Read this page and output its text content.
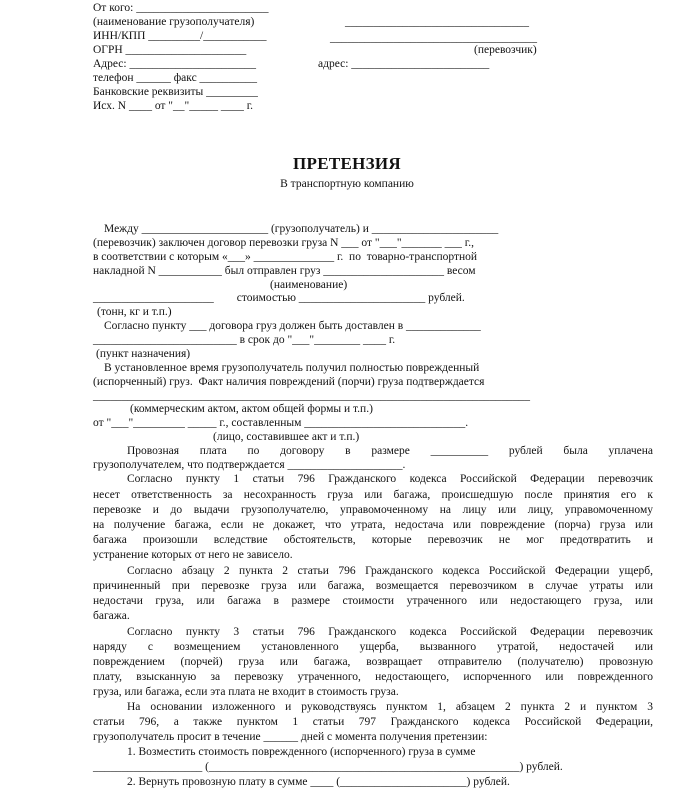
От кого: _______________________

(наименование грузополучателя)

ИНН/КПП _________/___________

ОГРН _____________________

Адрес: ______________________

телефон ______ факс __________

Банковские реквизиты _________

Исх. N ____ от "__"_____ ____ г.

________________________________

____________________________________

(перевозчик)

адрес: ________________________

ПРЕТЕНЗИЯ

В транспортную компанию

Между ______________________ (грузополучатель) и ______________________

(перевозчик) заключен договор перевозки груза N ___ от "___"_______ ___ г.,

в соответствии с которым «___» ______________ г.  по  товарно-транспортной

накладной N ___________ был отправлен груз _____________________ весом

(наименование)

_____________________        стоимостью ______________________ рублей.

(тонн, кг и т.п.)

Согласно пункту ___ договора груз должен быть доставлен в _____________

_________________________ в срок до "___"________ ____ г.

(пункт назначения)

В установленное время грузополучатель получил полностью поврежденный

(испорченный) груз.  Факт наличия повреждений (порчи) груза подтверждается

____________________________________________________________________________

(коммерческим актом, актом общей формы и т.п.)

от "___"_________ _____ г., составленным ____________________________.

(лицо, составившее акт и т.п.)

Провозная плата по договору в размере __________ рублей была уплачена

грузополучателем, что подтверждается ____________________.

Согласно пункту 1 статьи 796 Гражданского кодекса Российской Федерации перевозчик

несет ответственность за несохранность груза или багажа, происшедшую после принятия его к

перевозке и до выдачи грузополучателю, управомоченному на лицу или лицу, управомоченному

на получение багажа, если не докажет, что утрата, недостача или повреждение (порча) груза или

багажа произошли вследствие обстоятельств, которые перевозчик не мог предотвратить и

устранение которых от него не зависело.

Согласно абзацу 2 пункта 2 статьи 796 Гражданского кодекса Российской Федерации ущерб,

причиненный при перевозке груза или багажа, возмещается перевозчиком в случае утраты или

недостачи груза, или багажа в размере стоимости утраченного или недостающего груза, или

багажа.

Согласно пункту 3 статьи 796 Гражданского кодекса Российской Федерации перевозчик

наряду с возмещением установленного ущерба, вызванного утратой, недостачей или

повреждением (порчей) груза или багажа, возвращает отправителю (получателю) провозную

плату, взысканную за перевозку утраченного, недостающего, испорченного или поврежденного

груза, или багажа, если эта плата не входит в стоимость груза.

На основании изложенного и руководствуясь пунктом 1, абзацем 2 пункта 2 и пунктом 3

статьи 796, а также пунктом 1 статьи 797 Гражданского кодекса Российской Федерации,

грузополучатель просит в течение ______ дней с момента получения претензии:

1. Возместить стоимость поврежденного (испорченного) груза в сумме

___________________ (______________________________________________________) рублей.

2. Вернуть провозную плату в сумме ____ (______________________) рублей.
